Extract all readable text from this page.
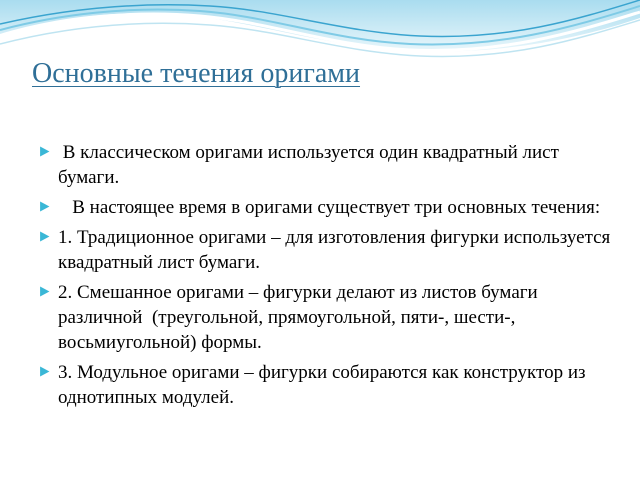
Основные течения оригами
В классическом оригами используется один квадратный лист бумаги.
В настоящее время в оригами существует три основных течения:
1. Традиционное оригами – для изготовления фигурки используется квадратный лист бумаги.
2. Смешанное оригами – фигурки делают из листов бумаги различной  (треугольной, прямоугольной, пяти-, шести-, восьмиугольной) формы.
3. Модульное оригами – фигурки собираются как конструктор из однотипных модулей.
